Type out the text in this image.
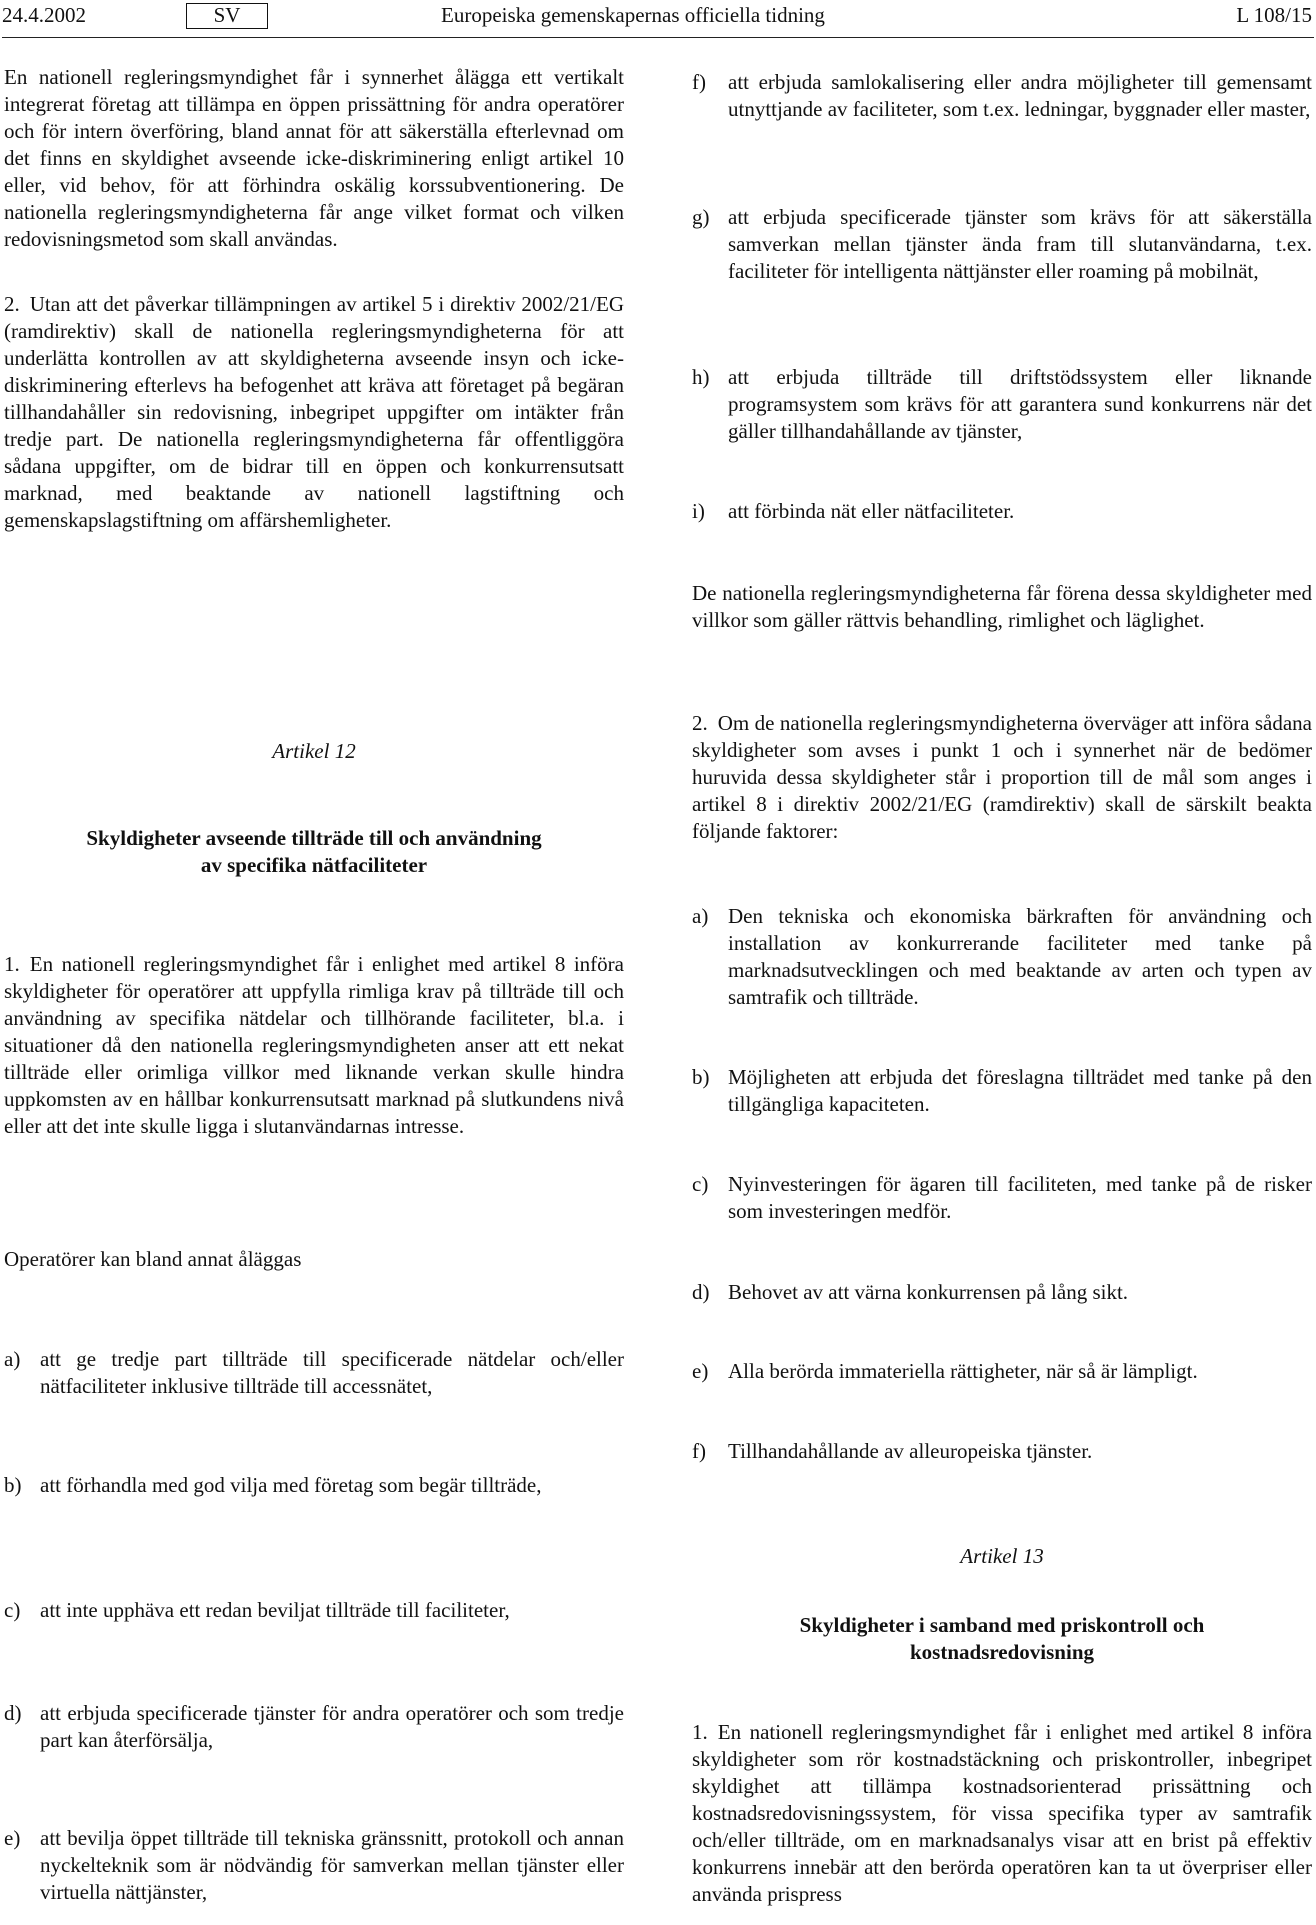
24.4.2002	SV	Europeiska gemenskapernas officiella tidning	L 108/15
En nationell regleringsmyndighet får i synnerhet ålägga ett vertikalt integrerat företag att tillämpa en öppen prissättning för andra operatörer och för intern överföring, bland annat för att säkerställa efterlevnad om det finns en skyldighet avseende icke-diskriminering enligt artikel 10 eller, vid behov, för att förhindra oskälig korssubventionering. De nationella regleringsmyndigheterna får ange vilket format och vilken redovisningsmetod som skall användas.
2. Utan att det påverkar tillämpningen av artikel 5 i direktiv 2002/21/EG (ramdirektiv) skall de nationella regleringsmyndigheterna för att underlätta kontrollen av att skyldigheterna avseende insyn och icke-diskriminering efterlevs ha befogenhet att kräva att företaget på begäran tillhandahåller sin redovisning, inbegripet uppgifter om intäkter från tredje part. De nationella regleringsmyndigheterna får offentliggöra sådana uppgifter, om de bidrar till en öppen och konkurrensutsatt marknad, med beaktande av nationell lagstiftning och gemenskapslagstiftning om affärshemligheter.
Artikel 12
Skyldigheter avseende tillträde till och användning
av specifika nätfaciliteter
1. En nationell regleringsmyndighet får i enlighet med artikel 8 införa skyldigheter för operatörer att uppfylla rimliga krav på tillträde till och användning av specifika nätdelar och tillhörande faciliteter, bl.a. i situationer då den nationella regleringsmyndigheten anser att ett nekat tillträde eller orimliga villkor med liknande verkan skulle hindra uppkomsten av en hållbar konkurrensutsatt marknad på slutkundens nivå eller att det inte skulle ligga i slutanvändarnas intresse.
Operatörer kan bland annat åläggas
a) att ge tredje part tillträde till specificerade nätdelar och/eller nätfaciliteter inklusive tillträde till accessnätet,
b) att förhandla med god vilja med företag som begär tillträde,
c) att inte upphäva ett redan beviljat tillträde till faciliteter,
d) att erbjuda specificerade tjänster för andra operatörer och som tredje part kan återförsälja,
e) att bevilja öppet tillträde till tekniska gränssnitt, protokoll och annan nyckelteknik som är nödvändig för samverkan mellan tjänster eller virtuella nättjänster,
f)	att erbjuda samlokalisering eller andra möjligheter till gemensamt utnyttjande av faciliteter, som t.ex. ledningar, byggnader eller master,
g) att erbjuda specificerade tjänster som krävs för att säkerställa samverkan mellan tjänster ända fram till slutanvändarna, t.ex. faciliteter för intelligenta nättjänster eller roaming på mobilnät,
h) att erbjuda tillträde till driftstödssystem eller liknande programsystem som krävs för att garantera sund konkurrens när det gäller tillhandahållande av tjänster,
i)	att förbinda nät eller nätfaciliteter.
De nationella regleringsmyndigheterna får förena dessa skyldigheter med villkor som gäller rättvis behandling, rimlighet och läglighet.
2. Om de nationella regleringsmyndigheterna överväger att införa sådana skyldigheter som avses i punkt 1 och i synnerhet när de bedömer huruvida dessa skyldigheter står i proportion till de mål som anges i artikel 8 i direktiv 2002/21/EG (ramdirektiv) skall de särskilt beakta följande faktorer:
a) Den tekniska och ekonomiska bärkraften för användning och installation av konkurrerande faciliteter med tanke på marknadsutvecklingen och med beaktande av arten och typen av samtrafik och tillträde.
b) Möjligheten att erbjuda det föreslagna tillträdet med tanke på den tillgängliga kapaciteten.
c) Nyinvesteringen för ägaren till faciliteten, med tanke på de risker som investeringen medför.
d) Behovet av att värna konkurrensen på lång sikt.
e) Alla berörda immateriella rättigheter, när så är lämpligt.
f)	Tillhandahållande av alleuropeiska tjänster.
Artikel 13
Skyldigheter i samband med priskontroll och
kostnadsredovisning
1. En nationell regleringsmyndighet får i enlighet med artikel 8 införa skyldigheter som rör kostnadstäckning och priskontroller, inbegripet skyldighet att tillämpa kostnadsorienterad prissättning och kostnadsredovisningssystem, för vissa specifika typer av samtrafik och/eller tillträde, om en marknadsanalys visar att en brist på effektiv konkurrens innebär att den berörda operatören kan ta ut överpriser eller använda prispress
